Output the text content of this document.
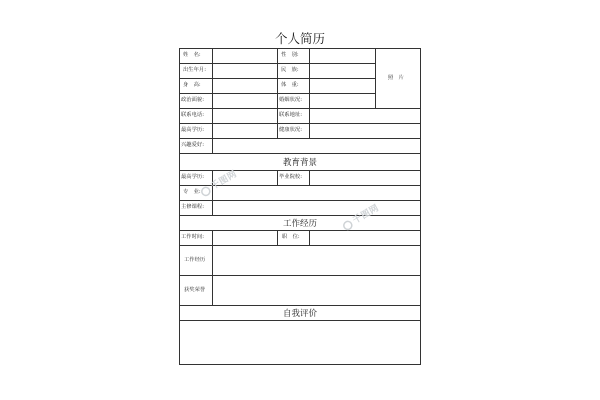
个人简历
姓　名:	性　别:
出生年月:	民　族:
身　高:	体　重:
政治面貌:	婚姻状况:
联系电话:	联系地址:
最高学历:	健康状况:
兴趣爱好:
照　片
教育背景
最高学历:	毕业院校:
专　业:
主修课程:
工作经历
工作时间:	职　位:
工作经历
获奖荣誉
自我评价
千图网
千图网
